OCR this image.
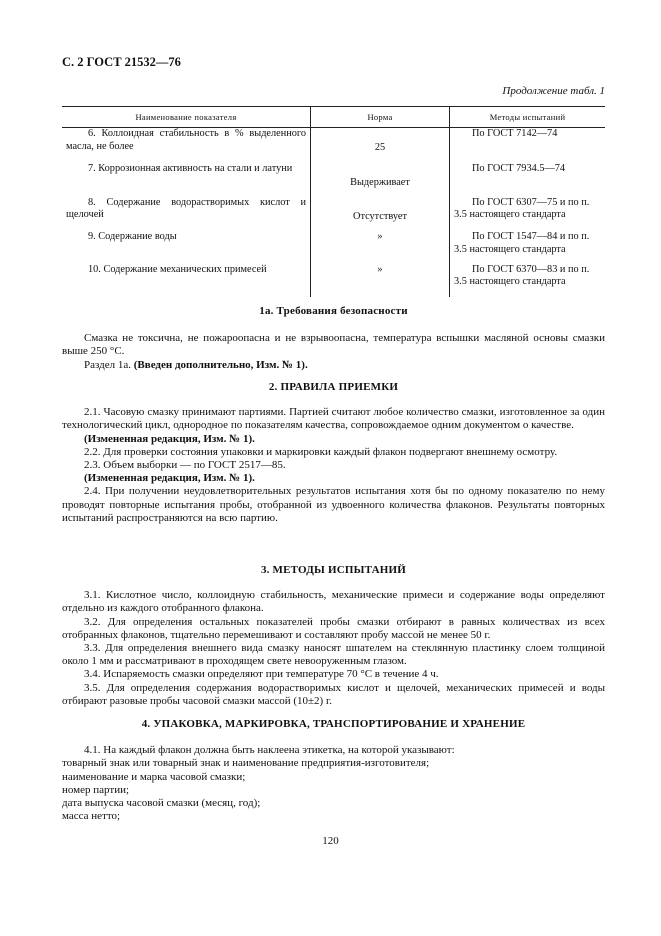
С. 2 ГОСТ 21532—76
Продолжение табл. 1
Наименование показателя	Норма	Методы испытаний

6. Коллоидная стабильность в % выделенного масла, не более	25	По ГОСТ 7142—74

7. Коррозионная активность на стали и латуни	Выдерживает	По ГОСТ 7934.5—74

8. Содержание водорастворимых кислот и щелочей	Отсутствует	По ГОСТ 6307—75 и по п. 3.5 настоящего стандарта

9. Содержание воды	»	По ГОСТ 1547—84 и по п. 3.5 настоящего стандарта

10. Содержание механических примесей	»	По ГОСТ 6370—83 и по п. 3.5 настоящего стандарта
1а. Требования безопасности

Смазка не токсична, не пожароопасна и не взрывоопасна, температура вспышки масляной основы смазки выше 250 °С.

Раздел 1а. (Введен дополнительно, Изм. № 1).

2. ПРАВИЛА ПРИЕМКИ

2.1. Часовую смазку принимают партиями. Партией считают любое количество смазки, изготовленное за один технологический цикл, однородное по показателям качества, сопровождаемое одним документом о качестве.

(Измененная редакция, Изм. № 1).

2.2. Для проверки состояния упаковки и маркировки каждый флакон подвергают внешнему осмотру.

2.3. Объем выборки — по ГОСТ 2517—85.

(Измененная редакция, Изм. № 1).

2.4. При получении неудовлетворительных результатов испытания хотя бы по одному показателю по нему проводят повторные испытания пробы, отобранной из удвоенного количества флаконов. Результаты повторных испытаний распространяются на всю партию.

3. МЕТОДЫ ИСПЫТАНИЙ

3.1. Кислотное число, коллоидную стабильность, механические примеси и содержание воды определяют отдельно из каждого отобранного флакона.

3.2. Для определения остальных показателей пробы смазки отбирают в равных количествах из всех отобранных флаконов, тщательно перемешивают и составляют пробу массой не менее 50 г.

3.3. Для определения внешнего вида смазку наносят шпателем на стеклянную пластинку слоем толщиной около 1 мм и рассматривают в проходящем свете невооруженным глазом.

3.4. Испаряемость смазки определяют при температуре 70 °С в течение 4 ч.

3.5. Для определения содержания водорастворимых кислот и щелочей, механических примесей и воды отбирают разовые пробы часовой смазки массой (10±2) г.

4. УПАКОВКА, МАРКИРОВКА, ТРАНСПОРТИРОВАНИЕ И ХРАНЕНИЕ

4.1. На каждый флакон должна быть наклеена этикетка, на которой указывают:

товарный знак или товарный знак и наименование предприятия-изготовителя;

наименование и марка часовой смазки;

номер партии;

дата выпуска часовой смазки (месяц, год);

масса нетто;

120
